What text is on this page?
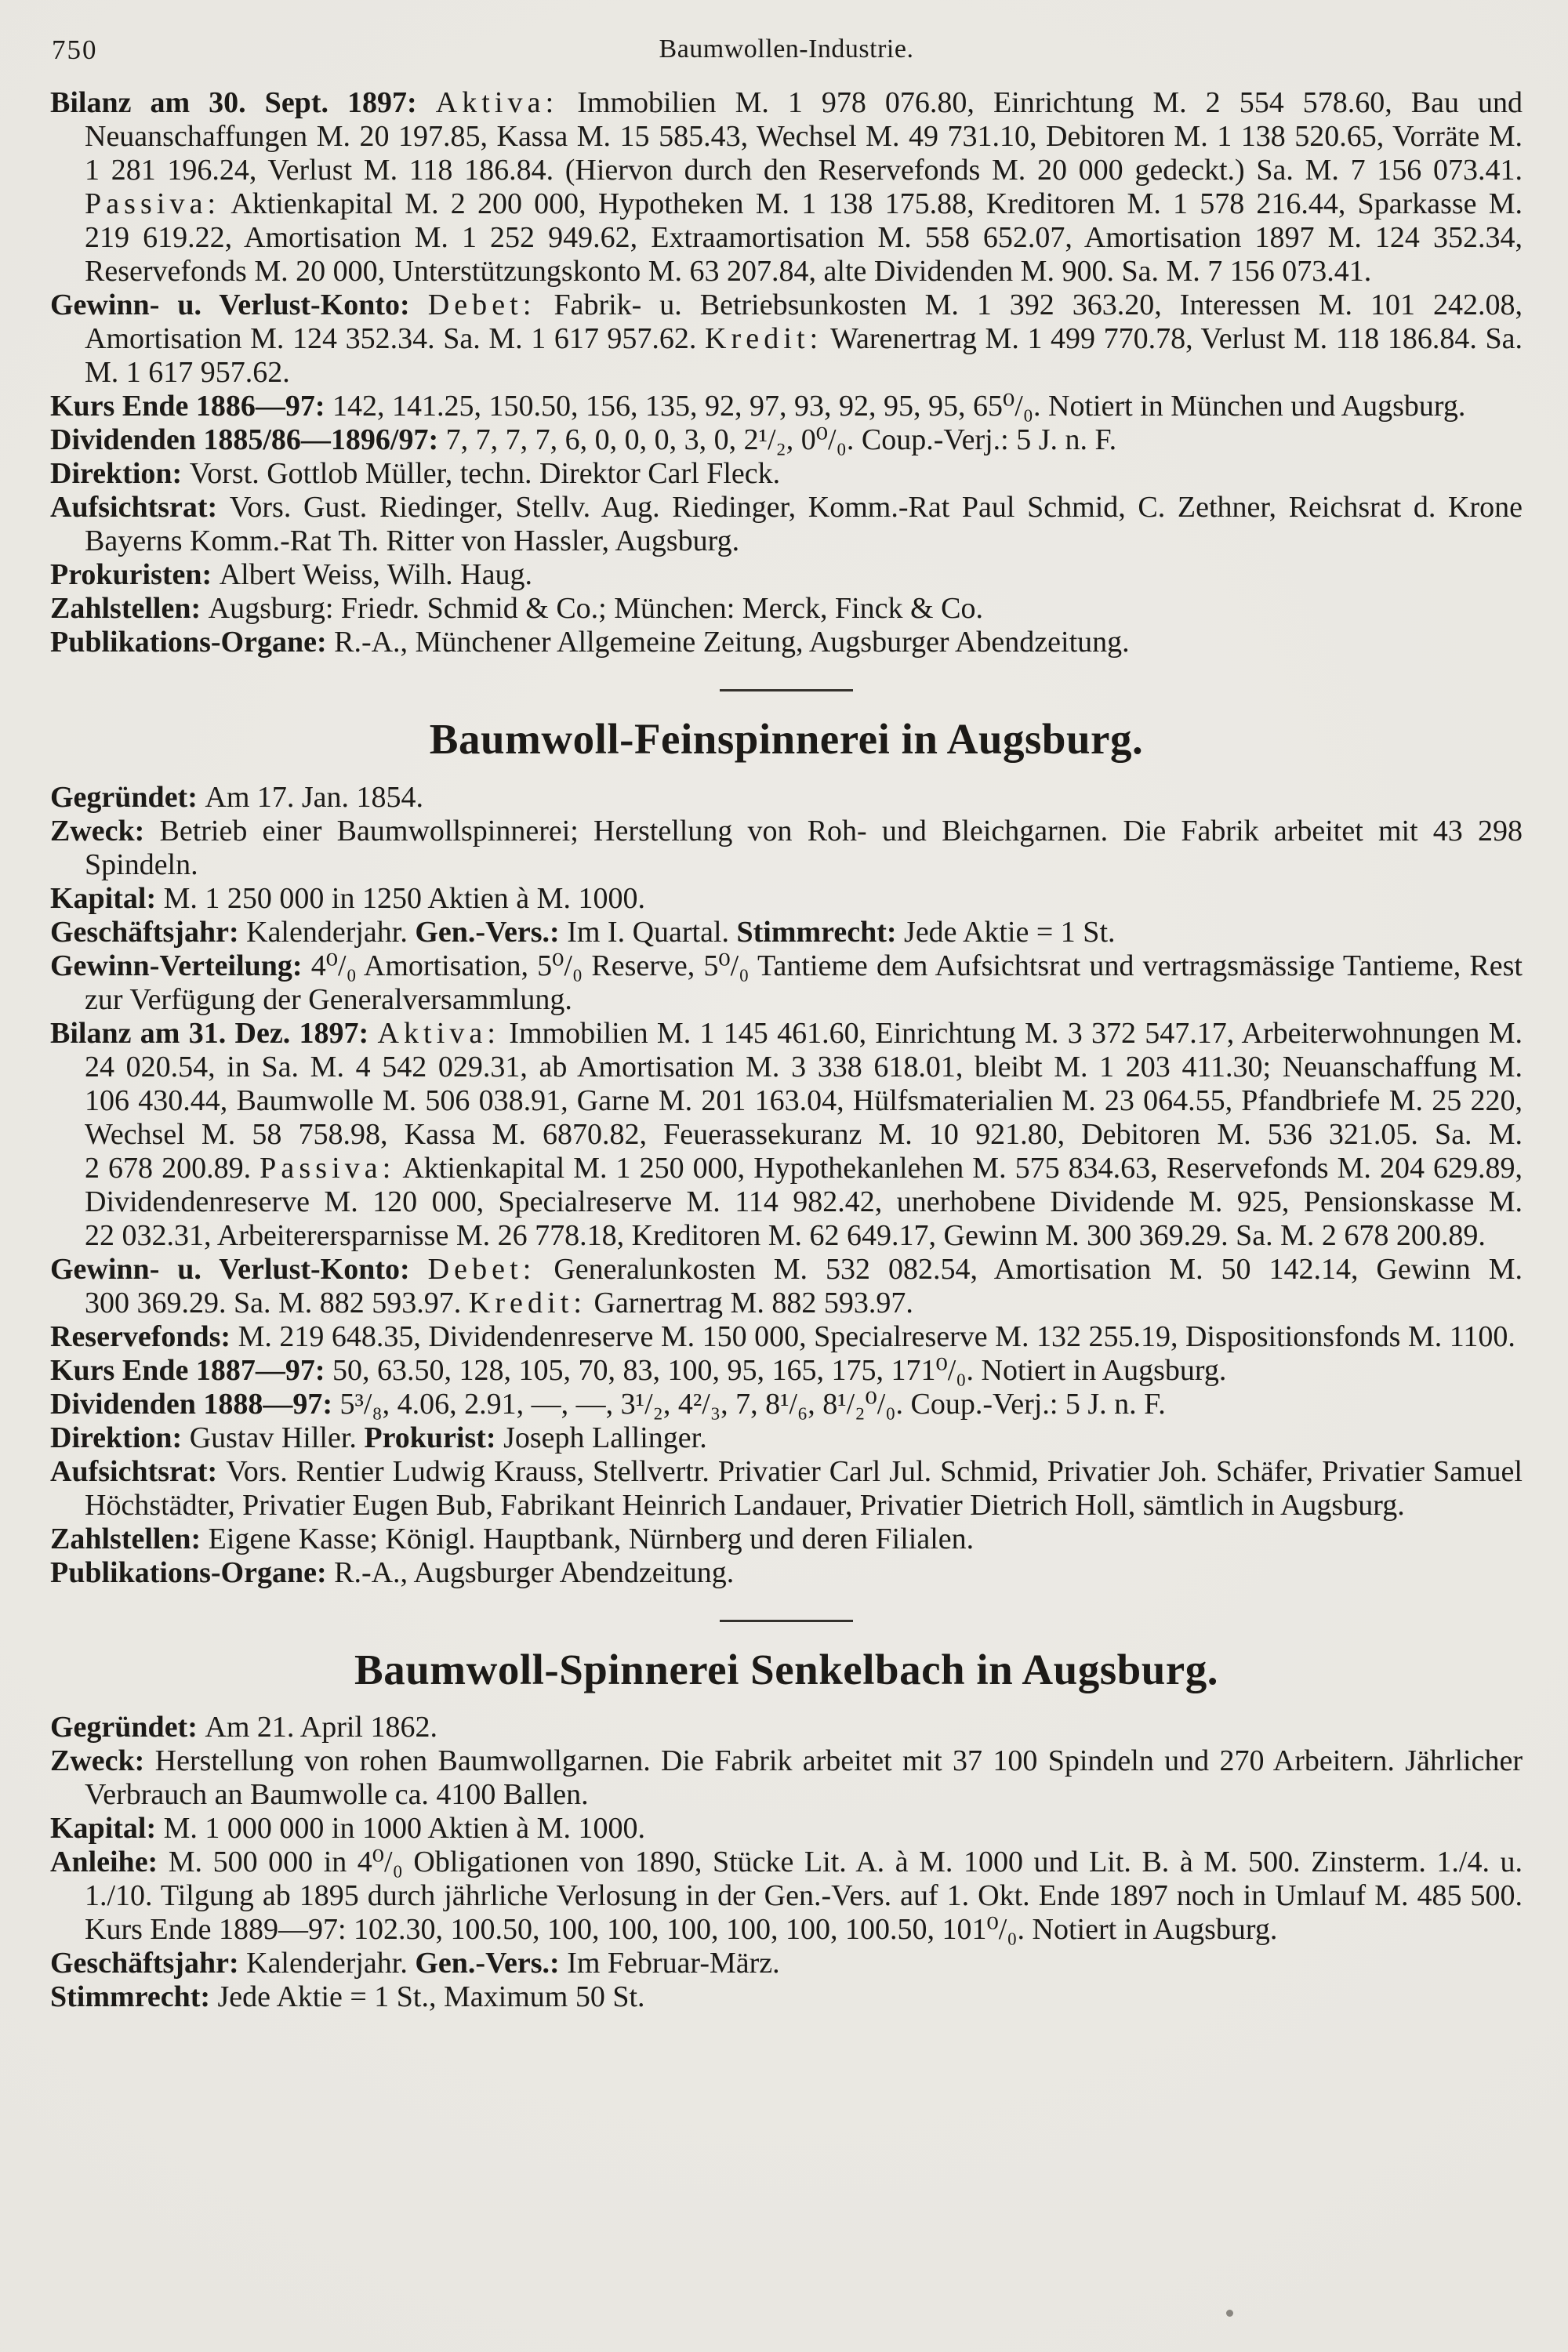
750	Baumwollen-Industrie.

Bilanz am 30. Sept. 1897: Aktiva: Immobilien M. 1 978 076.80, Einrichtung M. 2 554 578.60, Bau und Neuanschaffungen M. 20 197.85, Kassa M. 15 585.43, Wechsel M. 49 731.10, Debitoren M. 1 138 520.65, Vorräte M. 1 281 196.24, Verlust M. 118 186.84. (Hiervon durch den Reservefonds M. 20 000 gedeckt.) Sa. M. 7 156 073.41. Passiva: Aktienkapital M. 2 200 000, Hypotheken M. 1 138 175.88, Kreditoren M. 1 578 216.44, Sparkasse M. 219 619.22, Amortisation M. 1 252 949.62, Extraamortisation M. 558 652.07, Amortisation 1897 M. 124 352.34, Reservefonds M. 20 000, Unterstützungskonto M. 63 207.84, alte Dividenden M. 900. Sa. M. 7 156 073.41.

Gewinn- u. Verlust-Konto: Debet: Fabrik- u. Betriebsunkosten M. 1 392 363.20, Interessen M. 101 242.08, Amortisation M. 124 352.34. Sa. M. 1 617 957.62. Kredit: Warenertrag M. 1 499 770.78, Verlust M. 118 186.84. Sa. M. 1 617 957.62.

Kurs Ende 1886—97: 142, 141.25, 150.50, 156, 135, 92, 97, 93, 92, 95, 95, 65⁰/₀. Notiert in München und Augsburg.

Dividenden 1885/86—1896/97: 7, 7, 7, 7, 6, 0, 0, 0, 3, 0, 2¹/₂, 0⁰/₀. Coup.-Verj.: 5 J. n. F.

Direktion: Vorst. Gottlob Müller, techn. Direktor Carl Fleck.

Aufsichtsrat: Vors. Gust. Riedinger, Stellv. Aug. Riedinger, Komm.-Rat Paul Schmid, C. Zethner, Reichsrat d. Krone Bayerns Komm.-Rat Th. Ritter von Hassler, Augsburg.

Prokuristen: Albert Weiss, Wilh. Haug.

Zahlstellen: Augsburg: Friedr. Schmid & Co.; München: Merck, Finck & Co.

Publikations-Organe: R.-A., Münchener Allgemeine Zeitung, Augsburger Abendzeitung.

Baumwoll-Feinspinnerei in Augsburg.

Gegründet: Am 17. Jan. 1854.

Zweck: Betrieb einer Baumwollspinnerei; Herstellung von Roh- und Bleichgarnen. Die Fabrik arbeitet mit 43 298 Spindeln.

Kapital: M. 1 250 000 in 1250 Aktien à M. 1000.

Geschäftsjahr: Kalenderjahr. Gen.-Vers.: Im I. Quartal. Stimmrecht: Jede Aktie = 1 St.

Gewinn-Verteilung: 4⁰/₀ Amortisation, 5⁰/₀ Reserve, 5⁰/₀ Tantieme dem Aufsichtsrat und vertragsmässige Tantieme, Rest zur Verfügung der Generalversammlung.

Bilanz am 31. Dez. 1897: Aktiva: Immobilien M. 1 145 461.60, Einrichtung M. 3 372 547.17, Arbeiterwohnungen M. 24 020.54, in Sa. M. 4 542 029.31, ab Amortisation M. 3 338 618.01, bleibt M. 1 203 411.30; Neuanschaffung M. 106 430.44, Baumwolle M. 506 038.91, Garne M. 201 163.04, Hülfsmaterialien M. 23 064.55, Pfandbriefe M. 25 220, Wechsel M. 58 758.98, Kassa M. 6870.82, Feuerassekuranz M. 10 921.80, Debitoren M. 536 321.05. Sa. M. 2 678 200.89. Passiva: Aktienkapital M. 1 250 000, Hypothekanlehen M. 575 834.63, Reservefonds M. 204 629.89, Dividendenreserve M. 120 000, Specialreserve M. 114 982.42, unerhobene Dividende M. 925, Pensionskasse M. 22 032.31, Arbeiterersparnisse M. 26 778.18, Kreditoren M. 62 649.17, Gewinn M. 300 369.29. Sa. M. 2 678 200.89.

Gewinn- u. Verlust-Konto: Debet: Generalunkosten M. 532 082.54, Amortisation M. 50 142.14, Gewinn M. 300 369.29. Sa. M. 882 593.97. Kredit: Garnertrag M. 882 593.97.

Reservefonds: M. 219 648.35, Dividendenreserve M. 150 000, Specialreserve M. 132 255.19, Dispositionsfonds M. 1100.

Kurs Ende 1887—97: 50, 63.50, 128, 105, 70, 83, 100, 95, 165, 175, 171⁰/₀. Notiert in Augsburg.

Dividenden 1888—97: 5³/₈, 4.06, 2.91, —, —, 3¹/₂, 4²/₃, 7, 8¹/₆, 8¹/₂⁰/₀. Coup.-Verj.: 5 J. n. F.

Direktion: Gustav Hiller. Prokurist: Joseph Lallinger.

Aufsichtsrat: Vors. Rentier Ludwig Krauss, Stellvertr. Privatier Carl Jul. Schmid, Privatier Joh. Schäfer, Privatier Samuel Höchstädter, Privatier Eugen Bub, Fabrikant Heinrich Landauer, Privatier Dietrich Holl, sämtlich in Augsburg.

Zahlstellen: Eigene Kasse; Königl. Hauptbank, Nürnberg und deren Filialen.

Publikations-Organe: R.-A., Augsburger Abendzeitung.

Baumwoll-Spinnerei Senkelbach in Augsburg.

Gegründet: Am 21. April 1862.

Zweck: Herstellung von rohen Baumwollgarnen. Die Fabrik arbeitet mit 37 100 Spindeln und 270 Arbeitern. Jährlicher Verbrauch an Baumwolle ca. 4100 Ballen.

Kapital: M. 1 000 000 in 1000 Aktien à M. 1000.

Anleihe: M. 500 000 in 4⁰/₀ Obligationen von 1890, Stücke Lit. A. à M. 1000 und Lit. B. à M. 500. Zinsterm. 1./4. u. 1./10. Tilgung ab 1895 durch jährliche Verlosung in der Gen.-Vers. auf 1. Okt. Ende 1897 noch in Umlauf M. 485 500. Kurs Ende 1889—97: 102.30, 100.50, 100, 100, 100, 100, 100, 100.50, 101⁰/₀. Notiert in Augsburg.

Geschäftsjahr: Kalenderjahr. Gen.-Vers.: Im Februar-März.

Stimmrecht: Jede Aktie = 1 St., Maximum 50 St.
